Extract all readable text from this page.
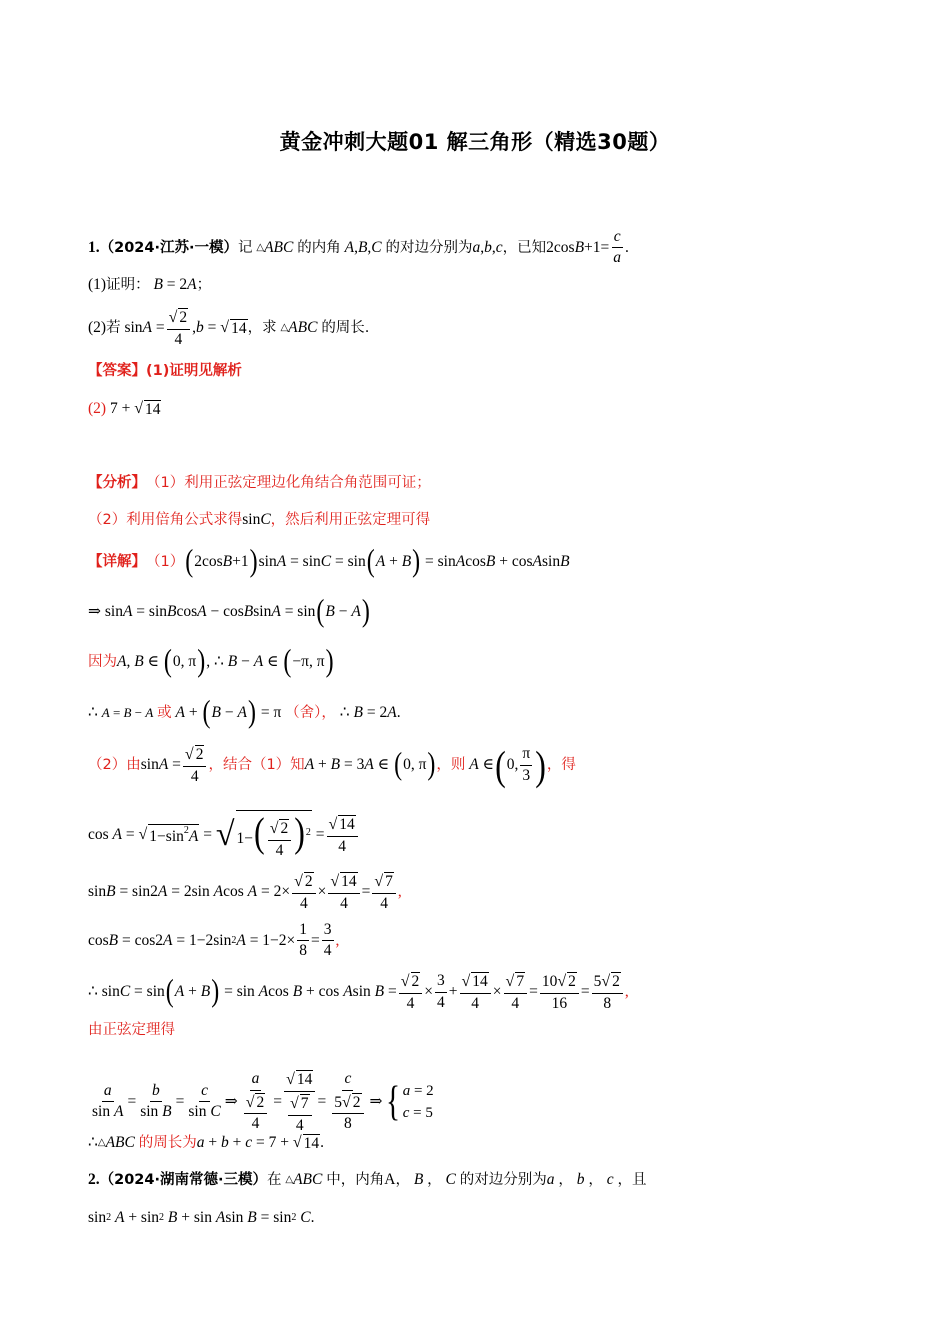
黄金冲刺大题01 解三角形（精选30题）
1. （2024·江苏·一模） 记
△ ABC
的内角
A , B , C
的对边分别为 a , b , c ，已知 2cos $B +1= \frac{c}{a}$ .
(1) 证明：
B = 2 A ；
(2) 若 $\sin A = \frac{√ 2}{4}$ , b = √ 14 ，求
△ ABC
的周长.
【答案】 (1)证明见解析
(2) 7 + √ 14
【分析】 （1）利用正弦定理边化角结合角范围可证；
（2）利用倍角公式求得 sin C ，然后利用正弦定理可得
【详解】 （1） ( 2cos B +1 ) sin A = sin C = sin ( A + B ) = sin A cos B + cos A sin B
⇒ sin A = sin B cos A − cos B sin A = sin ( B − A )
因为 A , B ∈ ( 0, π ) , ∴ B − A ∈ ( −π, π )
∴ A = B − A
或
A + ( B − A ) = π （舍）， ∴ B = 2 A .
（2）由 $\sin A = \frac{√ 2}{4}$ ，结合（1）知 A + B = 3 A ∈ ( 0, π ) ，则
A ∈ ( 0, $\frac{\pi}{3}$ ) ，得
cos A = √ $1-\sin^2A$ = √ $1-( \frac{√ 2}{4} )^2 = \frac{√ 14}{4}$
sin B = sin2 A = 2sin A $\cos A = 2\times \frac{√ 2}{4} \times \frac{√ 14}{4} = \frac{√ 7}{4}$ ,
cos B = cos2 A = 1−2sin 2 $A = 1-2\times \frac{1}{8} = \frac{3}{4}$ ,
∴ sin C = sin ( A + B ) = sin A cos B + cos A $\sin B = \frac{√ 2}{4} \times \frac{3}{4} + \frac{√ 14}{4} \times \frac{√ 7}{4} = \frac{10√ 2}{16} = \frac{5√ 2}{8}$ ,
由正弦定理得
$\frac{a}{\text{sin A}} = \frac{b}{\text{sin B}} = \frac{c}{\text{sin C}}$ ⇒ $\frac{a}{\frac{√ 2}{4}} = \frac{√ 14}{\frac{√ 7}{4}} = \frac{c}{\frac{5√ 2}{8}}$ ⇒ { a = 2
c = 5
∴ △ ABC
的周长为 a + b + c = 7 + √ 14 .
2. （2024·湖南常德·三模） 在
△ ABC
中，内角 A ，
B
，
C
的对边分别为 a
，
b
，
c
，且
sin 2
A + sin 2
B + sin A sin B = sin 2
C .
